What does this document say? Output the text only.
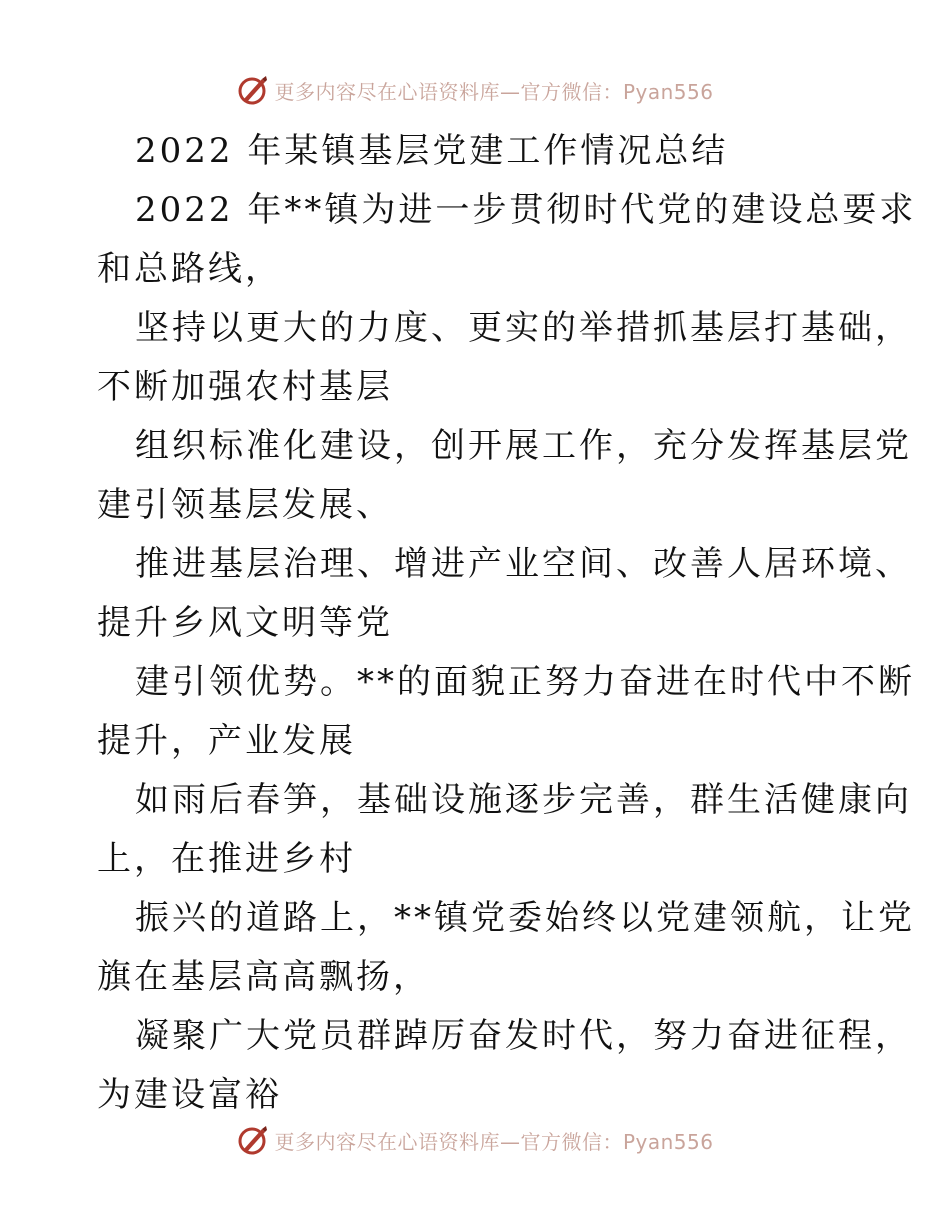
更多内容尽在心语资料库—官方微信：Pyan556
2022 年某镇基层党建工作情况总结
2022 年**镇为进一步贯彻时代党的建设总要求
和总路线，
坚持以更大的力度、更实的举措抓基层打基础，
不断加强农村基层
组织标准化建设，创开展工作，充分发挥基层党
建引领基层发展、
推进基层治理、增进产业空间、改善人居环境、
提升乡风文明等党
建引领优势。**的面貌正努力奋进在时代中不断
提升，产业发展
如雨后春笋，基础设施逐步完善，群生活健康向
上，在推进乡村
振兴的道路上，**镇党委始终以党建领航，让党
旗在基层高高飘扬，
凝聚广大党员群踔厉奋发时代，努力奋进征程，
为建设富裕
更多内容尽在心语资料库—官方微信：Pyan556
